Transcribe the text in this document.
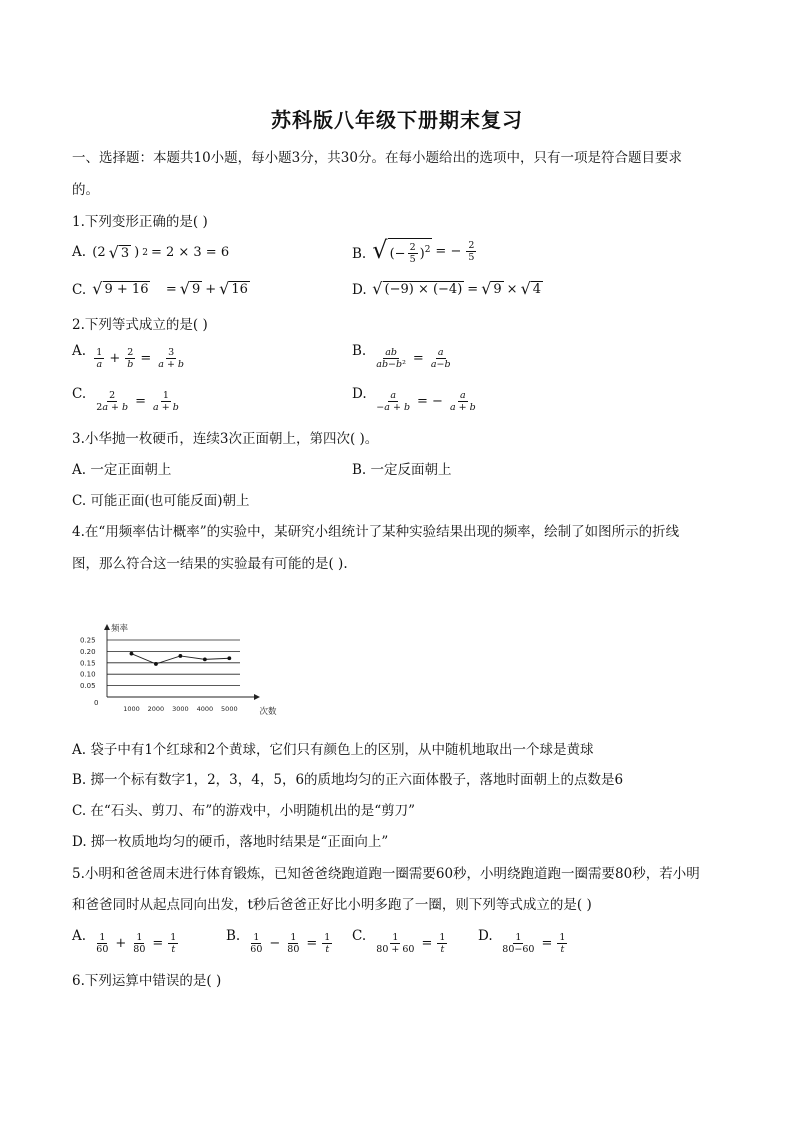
苏科版八年级下册期末复习
一、选择题：本题共10小题，每小题3分，共30分。在每小题给出的选项中，只有一项是符合题目要求
的。
1.下列变形正确的是( )
A. (2 √ 3 ) 2 = 2 × 3 = 6	B. √ (− $\frac{2}{5} )^2$ = − $\frac{2}{5}$
C. √ 9 + 16 = √ 9 + √ 16	D. √ (−9) × (−4) = √ 9 × √ 4
2.下列等式成立的是( )
A. $\frac{1}{a} + \frac{2}{b} = \frac{3}{a + b}$	B. $\frac{ab}{\text{ab−b²}} = \frac{a}{a-b}$
C. $\frac{2}{2a + b} = \frac{1}{a + b}$	D. $\frac{a}{-a + b}$ = − $\frac{a}{a + b}$
3.小华抛一枚硬币，连续3次正面朝上，第四次( )。
A. 一定正面朝上	B. 一定反面朝上
C. 可能正面(也可能反面)朝上
4.在“用频率估计概率”的实验中，某研究小组统计了某种实验结果出现的频率，绘制了如图所示的折线
图，那么符合这一结果的实验最有可能的是( ).
0.25
0.20
0.15
0.10
0.05
0
频率
1000 2000 3000 4000 5000	次数
A. 袋子中有1个红球和2个黄球，它们只有颜色上的区别，从中随机地取出一个球是黄球
B. 掷一个标有数字1，2，3，4，5，6的质地均匀的正六面体骰子，落地时面朝上的点数是6
C. 在“石头、剪刀、布”的游戏中，小明随机出的是“剪刀”
D. 掷一枚质地均匀的硬币，落地时结果是“正面向上”
5.小明和爸爸周末进行体育锻炼，已知爸爸绕跑道跑一圈需要60秒，小明绕跑道跑一圈需要80秒，若小明
和爸爸同时从起点同向出发，t秒后爸爸正好比小明多跑了一圈，则下列等式成立的是( )
A. $\frac{1}{60} + \frac{1}{80} = \frac{1}{t}$	B. $\frac{1}{60} - \frac{1}{80} = \frac{1}{t} C$. $\frac{1}{80 + 60} = \frac{1}{t} D$. $\frac{1}{80-60} = \frac{1}{t}$
6.下列运算中错误的是( )
